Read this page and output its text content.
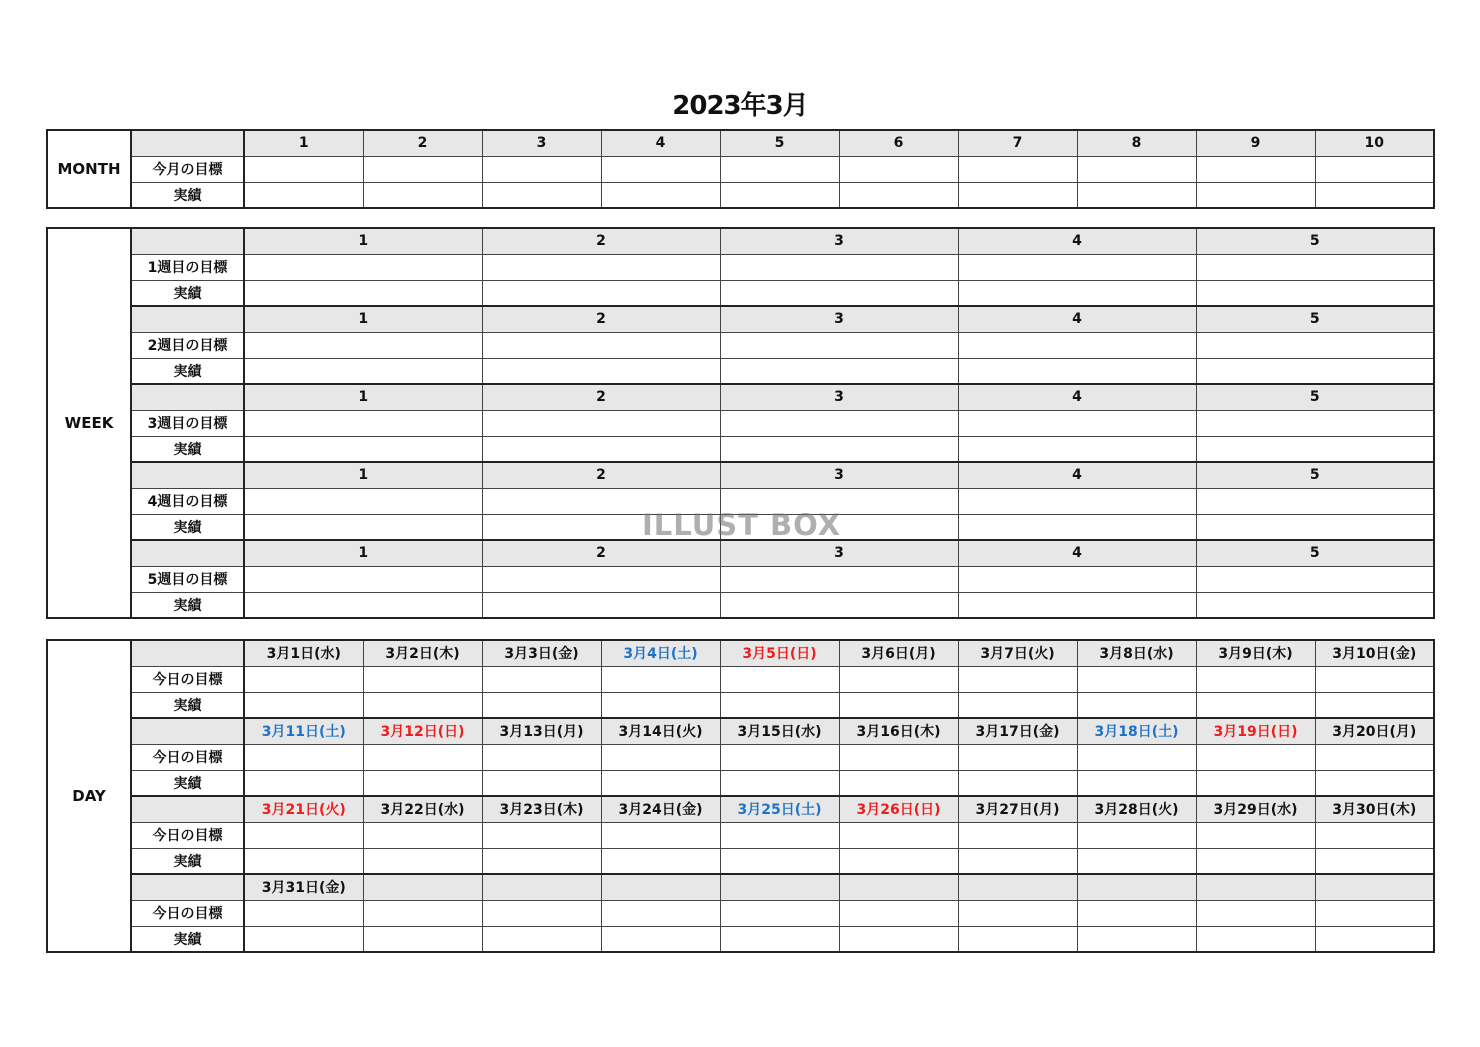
2023年3月
MONTH		1	2	3	4	5	6	7	8	9	10
	今月の目標										
	実績										
WEEK		1	2	3	4	5
	1週目の目標					
	実績					
		1	2	3	4	5
	2週目の目標					
	実績					
		1	2	3	4	5
	3週目の目標					
	実績					
		1	2	3	4	5
	4週目の目標					
	実績					
		1	2	3	4	5
	5週目の目標					
	実績					
DAY		3月1日(水)	3月2日(木)	3月3日(金)	3月4日(土)	3月5日(日)	3月6日(月)	3月7日(火)	3月8日(水)	3月9日(木)	3月10日(金)
	今日の目標										
	実績										
		3月11日(土)	3月12日(日)	3月13日(月)	3月14日(火)	3月15日(水)	3月16日(木)	3月17日(金)	3月18日(土)	3月19日(日)	3月20日(月)
	今日の目標										
	実績										
		3月21日(火)	3月22日(水)	3月23日(木)	3月24日(金)	3月25日(土)	3月26日(日)	3月27日(月)	3月28日(火)	3月29日(水)	3月30日(木)
	今日の目標										
	実績										
		3月31日(金)									
	今日の目標										
	実績										
ILLUST BOX
